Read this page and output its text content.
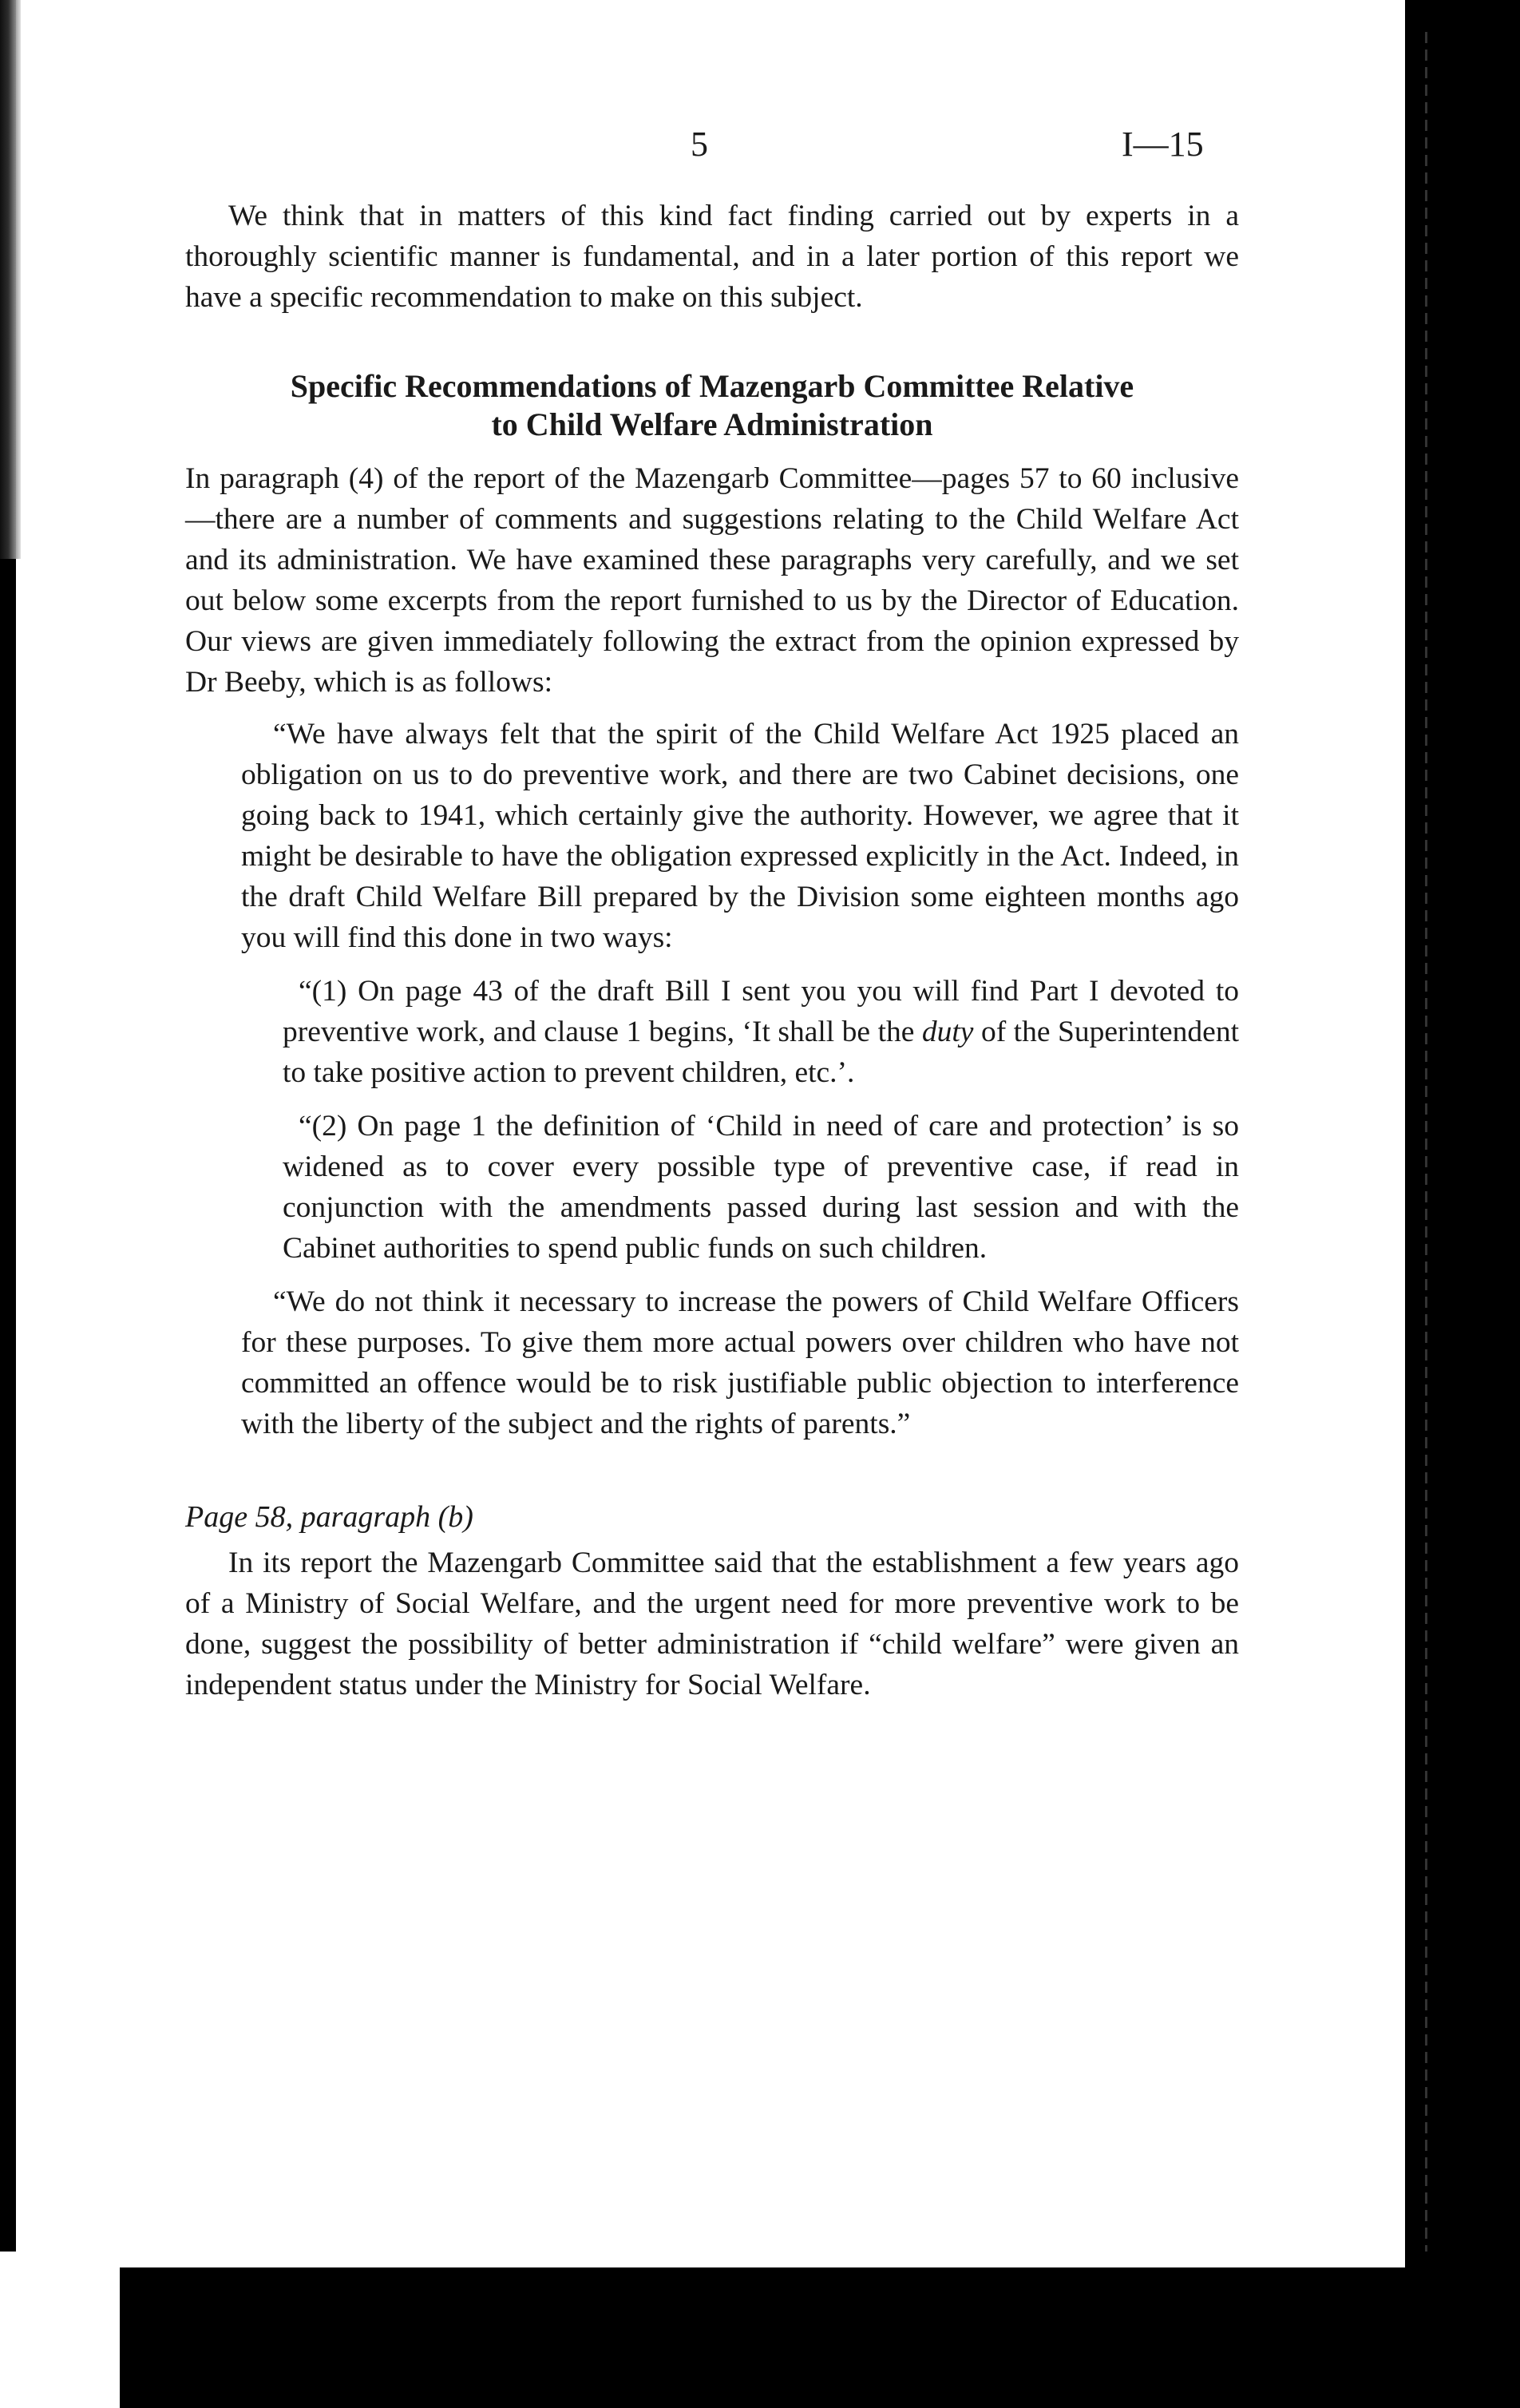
5	I—15

We think that in matters of this kind fact finding carried out by experts in a thoroughly scientific manner is fundamental, and in a later portion of this report we have a specific recommendation to make on this subject.

Specific Recommendations of Mazengarb Committee Relative
to Child Welfare Administration

In paragraph (4) of the report of the Mazengarb Committee—pages 57 to 60 inclusive—there are a number of comments and suggestions relating to the Child Welfare Act and its administration. We have examined these paragraphs very carefully, and we set out below some excerpts from the report furnished to us by the Director of Education. Our views are given immediately following the extract from the opinion expressed by Dr Beeby, which is as follows:

“We have always felt that the spirit of the Child Welfare Act 1925 placed an obligation on us to do preventive work, and there are two Cabinet decisions, one going back to 1941, which certainly give the authority. However, we agree that it might be desirable to have the obligation expressed explicitly in the Act. Indeed, in the draft Child Welfare Bill prepared by the Division some eighteen months ago you will find this done in two ways:

“(1) On page 43 of the draft Bill I sent you you will find Part I devoted to preventive work, and clause 1 begins, ‘It shall be the duty of the Superintendent to take positive action to prevent children, etc.’.

“(2) On page 1 the definition of ‘Child in need of care and protection’ is so widened as to cover every possible type of preventive case, if read in conjunction with the amendments passed during last session and with the Cabinet authorities to spend public funds on such children.

“We do not think it necessary to increase the powers of Child Welfare Officers for these purposes. To give them more actual powers over children who have not committed an offence would be to risk justifiable public objection to interference with the liberty of the subject and the rights of parents.”

Page 58, paragraph (b)

In its report the Mazengarb Committee said that the establishment a few years ago of a Ministry of Social Welfare, and the urgent need for more preventive work to be done, suggest the possibility of better administration if “child welfare” were given an independent status under the Ministry for Social Welfare.
